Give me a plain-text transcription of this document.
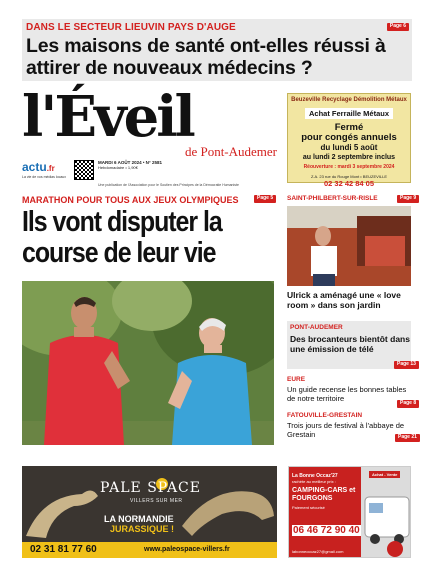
DANS LE SECTEUR LIEUVIN PAYS D'AUGE
Les maisons de santé ont-elles réussi à attirer de nouveaux médecins ?
Page 6
l'Éveil
de Pont-Audemer
actu.fr
La vie de vos médias locaux
MARDI 6 AOÛT 2024 • N° 2581
Hebdomadaire • 1,90€
Une publication de l'Association pour le Soutien des Principes de la Démocratie Humaniste
Beuzeville Recyclage Démolition Métaux
Achat Ferraille Métaux
Fermé
pour congés annuels
du lundi 5 août
au lundi 2 septembre inclus
Réouverture : mardi 3 septembre 2024
Z.A. 23 rue du Rouge Mont • BEUZEVILLE
02 32 42 84 05
MARATHON POUR TOUS AUX JEUX OLYMPIQUES	Page 5
Ils vont disputer la course de leur vie
SAINT-PHILBERT-SUR-RISLE	Page 9
Ulrick a aménagé une « love room » dans son jardin
PONT-AUDEMER
Des brocanteurs bientôt dans une émission de télé
Page 13
EURE
Un guide recense les bonnes tables de notre territoire	Page 8
FATOUVILLE-GRESTAIN
Trois jours de festival à l'abbaye de Grestain	Page 21
PALE SPACE
VILLERS SUR MER
LA NORMANDIE
JURASSIQUE !
02 31 81 77 60	www.paleospace-villers.fr
La Bonne Occaz'27
rachète au meilleur prix :
CAMPING-CARS et FOURGONS
Paiement sécurisé
06 46 72 90 40
labonneoccaz27@gmail.com
Achat - Vente
